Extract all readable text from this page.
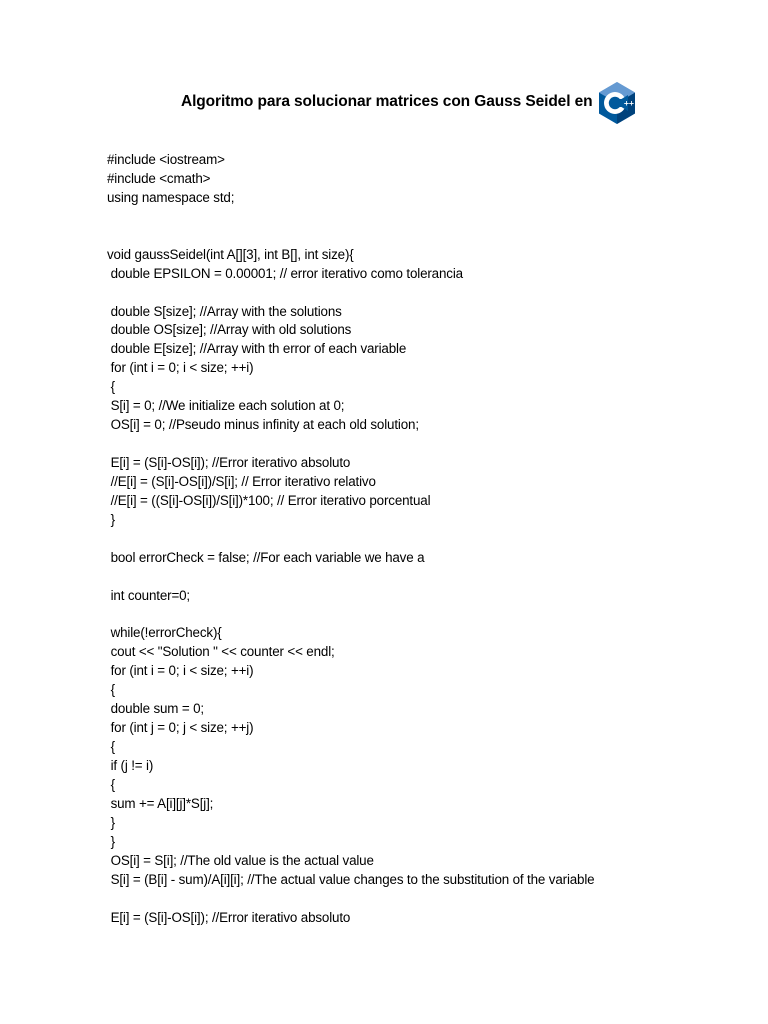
Algoritmo para solucionar matrices con Gauss Seidel en	+ +
#include <iostream>
#include <cmath>
using namespace std;
void gaussSeidel(int A[][3], int B[], int size){
double EPSILON = 0.00001; // error iterativo como tolerancia
double S[size]; //Array with the solutions
double OS[size]; //Array with old solutions
double E[size]; //Array with th error of each variable
for (int i = 0; i < size; ++i)
{
S[i] = 0; //We initialize each solution at 0;
OS[i] = 0; //Pseudo minus infinity at each old solution;
E[i] = (S[i]-OS[i]); //Error iterativo absoluto
//E[i] = (S[i]-OS[i])/S[i]; // Error iterativo relativo
//E[i] = ((S[i]-OS[i])/S[i])*100; // Error iterativo porcentual
}
bool errorCheck = false; //For each variable we have a
int counter=0;
while(!errorCheck){
cout << "Solution " << counter << endl;
for (int i = 0; i < size; ++i)
{
double sum = 0;
for (int j = 0; j < size; ++j)
{
if (j != i)
{
sum += A[i][j]*S[j];
}
}
OS[i] = S[i]; //The old value is the actual value
S[i] = (B[i] - sum)/A[i][i]; //The actual value changes to the substitution of the variable
E[i] = (S[i]-OS[i]); //Error iterativo absoluto
